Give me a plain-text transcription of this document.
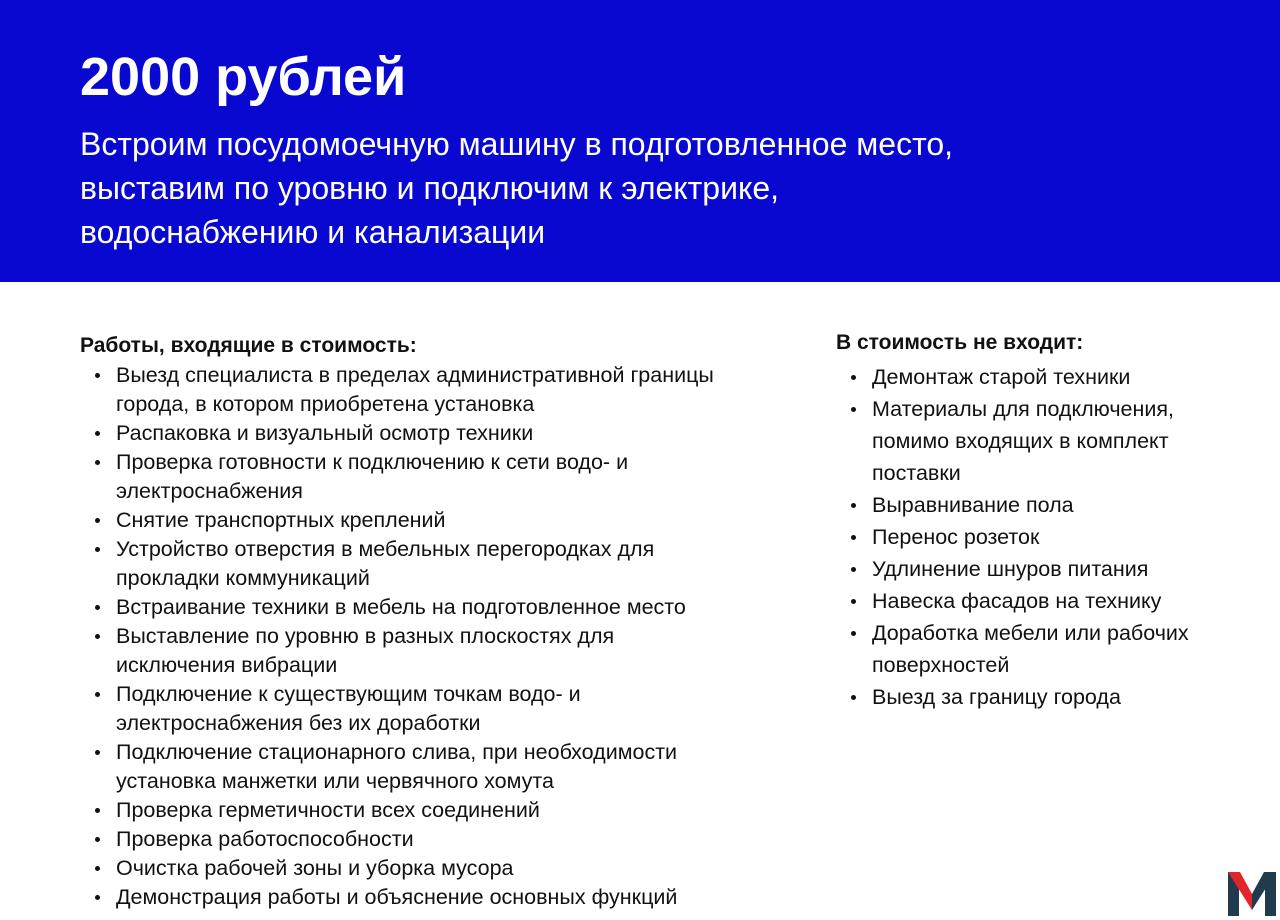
2000 рублей

Встроим посудомоечную машину в подготовленное место,
выставим по уровню и подключим к электрике,
водоснабжению и канализации

Работы, входящие в стоимость:
Выезд специалиста в пределах административной границы
города, в котором приобретена установка
Распаковка и визуальный осмотр техники
Проверка готовности к подключению к сети водо- и
электроснабжения
Снятие транспортных креплений
Устройство отверстия в мебельных перегородках для
прокладки коммуникаций
Встраивание техники в мебель на подготовленное место
Выставление по уровню в разных плоскостях для
исключения вибрации
Подключение к существующим точкам водо- и
электроснабжения без их доработки
Подключение стационарного слива, при необходимости
установка манжетки или червячного хомута
Проверка герметичности всех соединений
Проверка работоспособности
Очистка рабочей зоны и уборка мусора
Демонстрация работы и объяснение основных функций
В стоимость не входит:
Демонтаж старой техники
Материалы для подключения,
помимо входящих в комплект
поставки
Выравнивание пола
Перенос розеток
Удлинение шнуров питания
Навеска фасадов на технику
Доработка мебели или рабочих
поверхностей
Выезд за границу города
